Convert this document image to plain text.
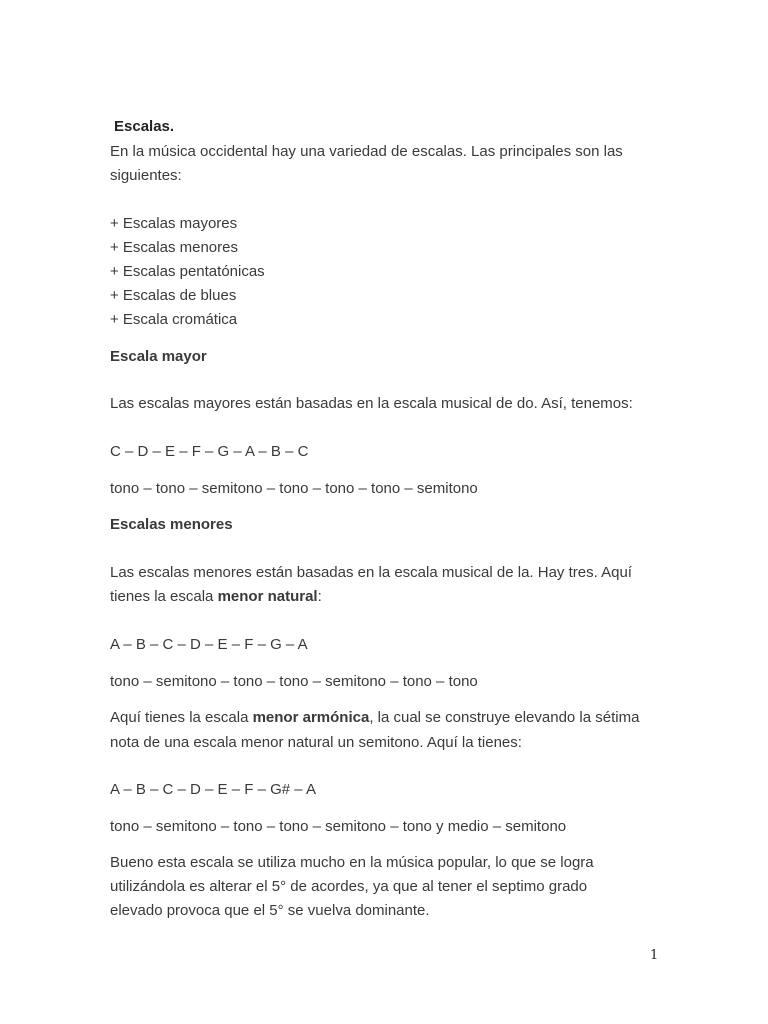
Escalas.
En la música occidental hay una variedad de escalas. Las principales son las
siguientes:
+ Escalas mayores
+ Escalas menores
+ Escalas pentatónicas
+ Escalas de blues
+ Escala cromática
Escala mayor
Las escalas mayores están basadas en la escala musical de do. Así, tenemos:
C – D – E – F – G – A – B – C
tono – tono – semitono – tono – tono – tono – semitono
Escalas menores
Las escalas menores están basadas en la escala musical de la. Hay tres. Aquí
tienes la escala menor natural:
A – B – C – D – E – F – G – A
tono – semitono – tono – tono – semitono – tono – tono
Aquí tienes la escala menor armónica, la cual se construye elevando la sétima
nota de una escala menor natural un semitono. Aquí la tienes:
A – B – C – D – E – F – G# – A
tono – semitono – tono – tono – semitono – tono y medio – semitono
Bueno esta escala se utiliza mucho en la música popular, lo que se logra
utilizándola es alterar el 5° de acordes, ya que al tener el septimo grado
elevado provoca que el 5° se vuelva dominante.
1
